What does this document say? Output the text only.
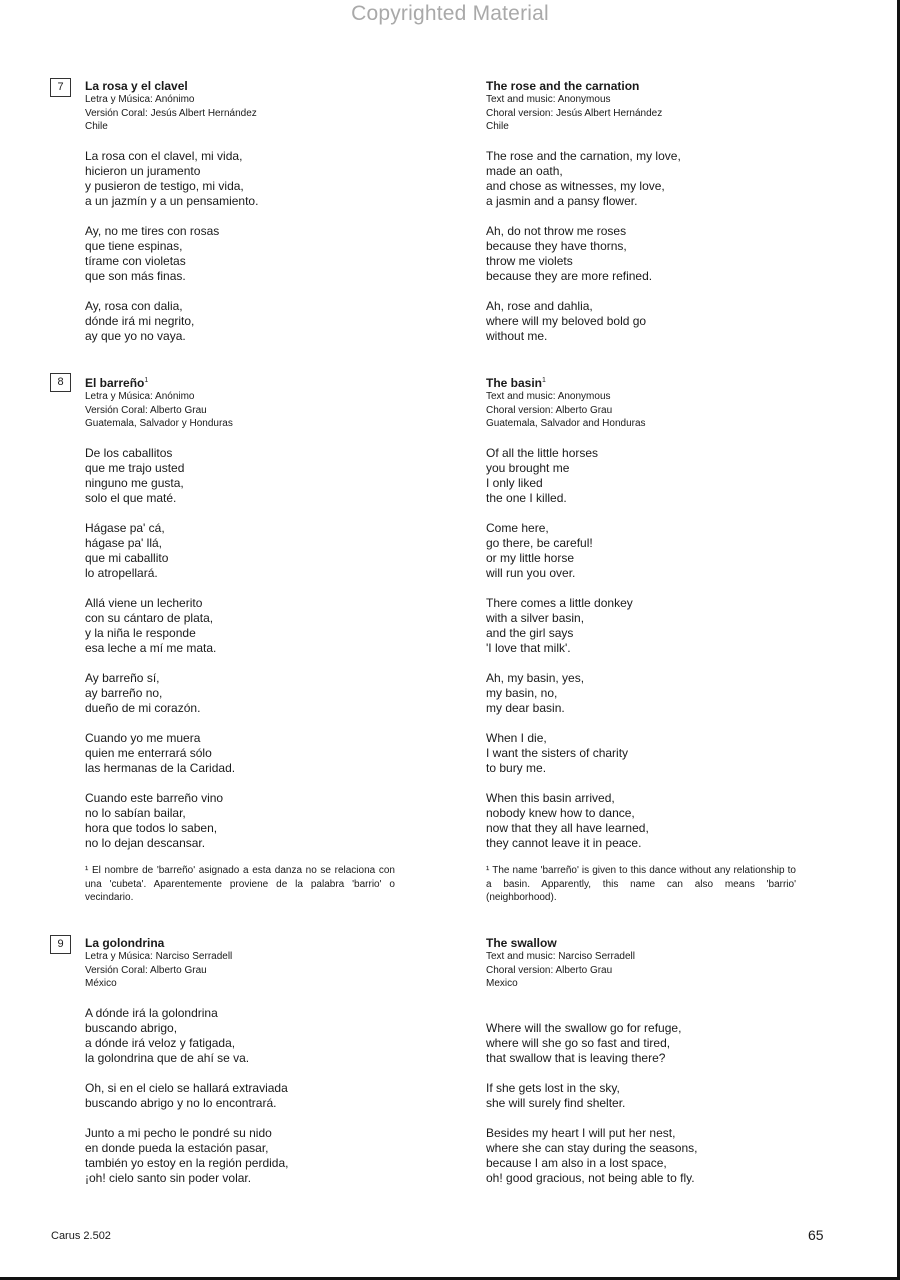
Copyrighted Material
7	La rosa y el clavel
Letra y Música: Anónimo
Versión Coral: Jesús Albert Hernández
Chile
La rosa con el clavel, mi vida,
hicieron un juramento
y pusieron de testigo, mi vida,
a un jazmín y a un pensamiento.
Ay, no me tires con rosas
que tiene espinas,
tírame con violetas
que son más finas.
Ay, rosa con dalia,
dónde irá mi negrito,
ay que yo no vaya.
The rose and the carnation
Text and music: Anonymous
Choral version: Jesús Albert Hernández
Chile
The rose and the carnation, my love,
made an oath,
and chose as witnesses, my love,
a jasmin and a pansy flower.
Ah, do not throw me roses
because they have thorns,
throw me violets
because they are more refined.
Ah, rose and dahlia,
where will my beloved bold go
without me.
8	El barreño$^1$
Letra y Música: Anónimo
Versión Coral: Alberto Grau
Guatemala, Salvador y Honduras
De los caballitos
que me trajo usted
ninguno me gusta,
solo el que maté.
Hágase pa' cá,
hágase pa' llá,
que mi caballito
lo atropellará.
Allá viene un lecherito
con su cántaro de plata,
y la niña le responde
esa leche a mí me mata.
Ay barreño sí,
ay barreño no,
dueño de mi corazón.
Cuando yo me muera
quien me enterrará sólo
las hermanas de la Caridad.
Cuando este barreño vino
no lo sabían bailar,
hora que todos lo saben,
no lo dejan descansar.
The basin$^1$
Text and music: Anonymous
Choral version: Alberto Grau
Guatemala, Salvador and Honduras
Of all the little horses
you brought me
I only liked
the one I killed.
Come here,
go there, be careful!
or my little horse
will run you over.
There comes a little donkey
with a silver basin,
and the girl says
'I love that milk'.
Ah, my basin, yes,
my basin, no,
my dear basin.
When I die,
I want the sisters of charity
to bury me.
When this basin arrived,
nobody knew how to dance,
now that they all have learned,
they cannot leave it in peace.
¹ El nombre de 'barreño' asignado a esta danza no se relaciona con una 'cubeta'. Aparentemente proviene de la palabra 'barrio' o vecindario.
¹ The name 'barreño' is given to this dance without any relationship to a basin. Apparently, this name can also means 'barrio' (neighborhood).
9	La golondrina
Letra y Música: Narciso Serradell
Versión Coral: Alberto Grau
México
A dónde irá la golondrina
buscando abrigo,
a dónde irá veloz y fatigada,
la golondrina que de ahí se va.
Oh, si en el cielo se hallará extraviada
buscando abrigo y no lo encontrará.
Junto a mi pecho le pondré su nido
en donde pueda la estación pasar,
también yo estoy en la región perdida,
¡oh! cielo santo sin poder volar.
The swallow
Text and music: Narciso Serradell
Choral version: Alberto Grau
Mexico
Where will the swallow go for refuge,
where will she go so fast and tired,
that swallow that is leaving there?
If she gets lost in the sky,
she will surely find shelter.
Besides my heart I will put her nest,
where she can stay during the seasons,
because I am also in a lost space,
oh! good gracious, not being able to fly.
Carus 2.502	65
